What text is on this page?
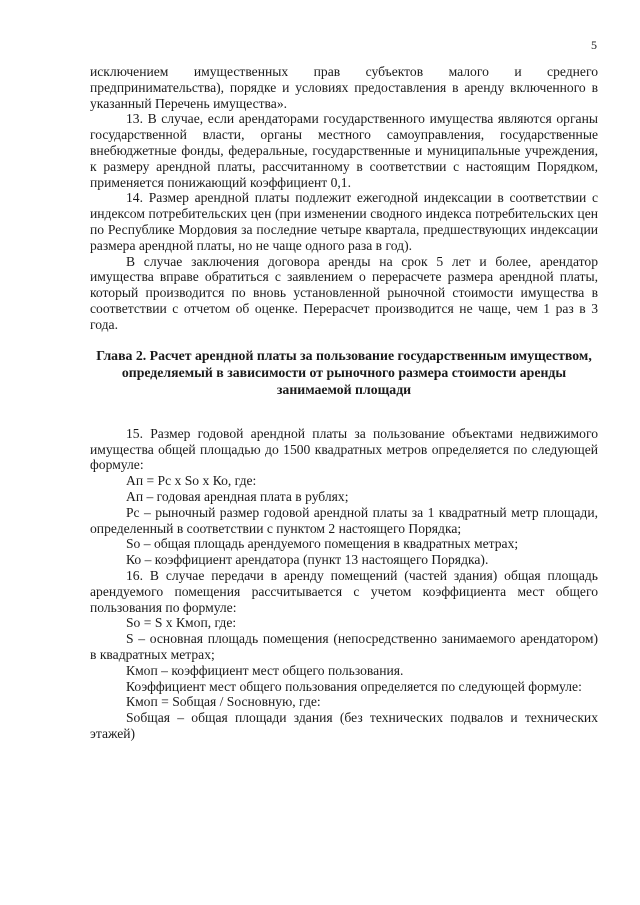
5

исключением имущественных прав субъектов малого и среднего предпринимательства), порядке и условиях предоставления в аренду включенного в указанный Перечень имущества».

13. В случае, если арендаторами государственного имущества являются органы государственной власти, органы местного самоуправления, государственные внебюджетные фонды, федеральные, государственные и муниципальные учреждения, к размеру арендной платы, рассчитанному в соответствии с настоящим Порядком, применяется понижающий коэффициент 0,1.

14. Размер арендной платы подлежит ежегодной индексации в соответствии с индексом потребительских цен (при изменении сводного индекса потребительских цен по Республике Мордовия за последние четыре квартала, предшествующих индексации размера арендной платы, но не чаще одного раза в год).

В случае заключения договора аренды на срок 5 лет и более, арендатор имущества вправе обратиться с заявлением о перерасчете размера арендной платы, который производится по вновь установленной рыночной стоимости имущества в соответствии с отчетом об оценке. Перерасчет производится не чаще, чем 1 раз в 3 года.

Глава 2. Расчет арендной платы за пользование государственным имуществом, определяемый в зависимости от рыночного размера стоимости аренды занимаемой площади

15. Размер годовой арендной платы за пользование объектами недвижимого имущества общей площадью до 1500 квадратных метров определяется по следующей формуле:

Ап = Рс х So х Ко, где:

Ап – годовая арендная плата в рублях;

Рс – рыночный размер годовой арендной платы за 1 квадратный метр площади, определенный в соответствии с пунктом 2 настоящего Порядка;

So – общая площадь арендуемого помещения в квадратных метрах;

Ко – коэффициент арендатора (пункт 13 настоящего Порядка).

16. В случае передачи в аренду помещений (частей здания) общая площадь арендуемого помещения рассчитывается с учетом коэффициента мест общего пользования по формуле:

So = S х Кмоп, где:

S – основная площадь помещения (непосредственно занимаемого арендатором) в квадратных метрах;

Кмоп – коэффициент мест общего пользования.

Коэффициент мест общего пользования определяется по следующей формуле:

Кмоп = Sобщая / Sосновную, где:

Sобщая – общая площади здания (без технических подвалов и технических этажей)
